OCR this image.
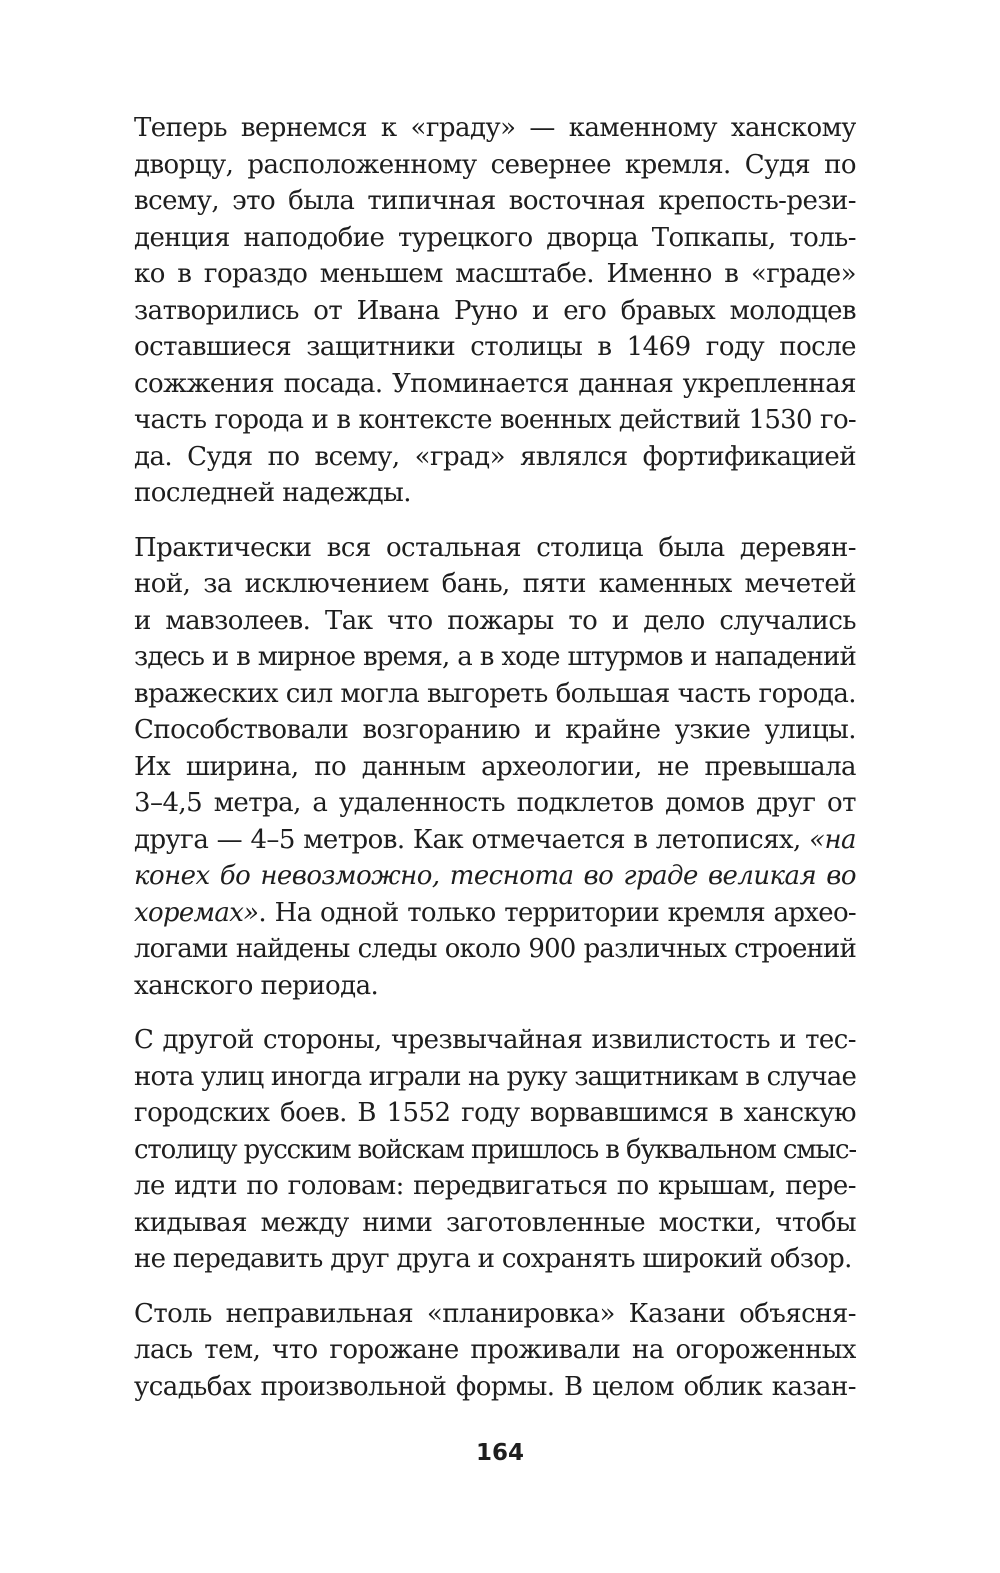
Теперь вернемся к «граду» — каменному ханскому
дворцу, расположенному севернее кремля. Судя по
всему, это была типичная восточная крепость-рези-
денция наподобие турецкого дворца Топкапы, толь-
ко в гораздо меньшем масштабе. Именно в «граде»
затворились от Ивана Руно и его бравых молодцев
оставшиеся защитники столицы в 1469 году после
сожжения посада. Упоминается данная укрепленная
часть города и в контексте военных действий 1530 го-
да. Судя по всему, «град» являлся фортификацией
последней надежды.
Практически вся остальная столица была деревян-
ной, за исключением бань, пяти каменных мечетей
и мавзолеев. Так что пожары то и дело случались
здесь и в мирное время, а в ходе штурмов и нападений
вражеских сил могла выгореть большая часть города.
Способствовали возгоранию и крайне узкие улицы.
Их ширина, по данным археологии, не превышала
3–4,5 метра, а удаленность подклетов домов друг от
друга — 4–5 метров. Как отмечается в летописях, «на
конех бо невозможно, теснота во граде великая во
хоремах». На одной только территории кремля архео-
логами найдены следы около 900 различных строений
ханского периода.
С другой стороны, чрезвычайная извилистость и тес-
нота улиц иногда играли на руку защитникам в случае
городских боев. В 1552 году ворвавшимся в ханскую
столицу русским войскам пришлось в буквальном смыс-
ле идти по головам: передвигаться по крышам, пере-
кидывая между ними заготовленные мостки, чтобы
не передавить друг друга и сохранять широкий обзор.
Столь неправильная «планировка» Казани объясня-
лась тем, что горожане проживали на огороженных
усадьбах произвольной формы. В целом облик казан-
164
